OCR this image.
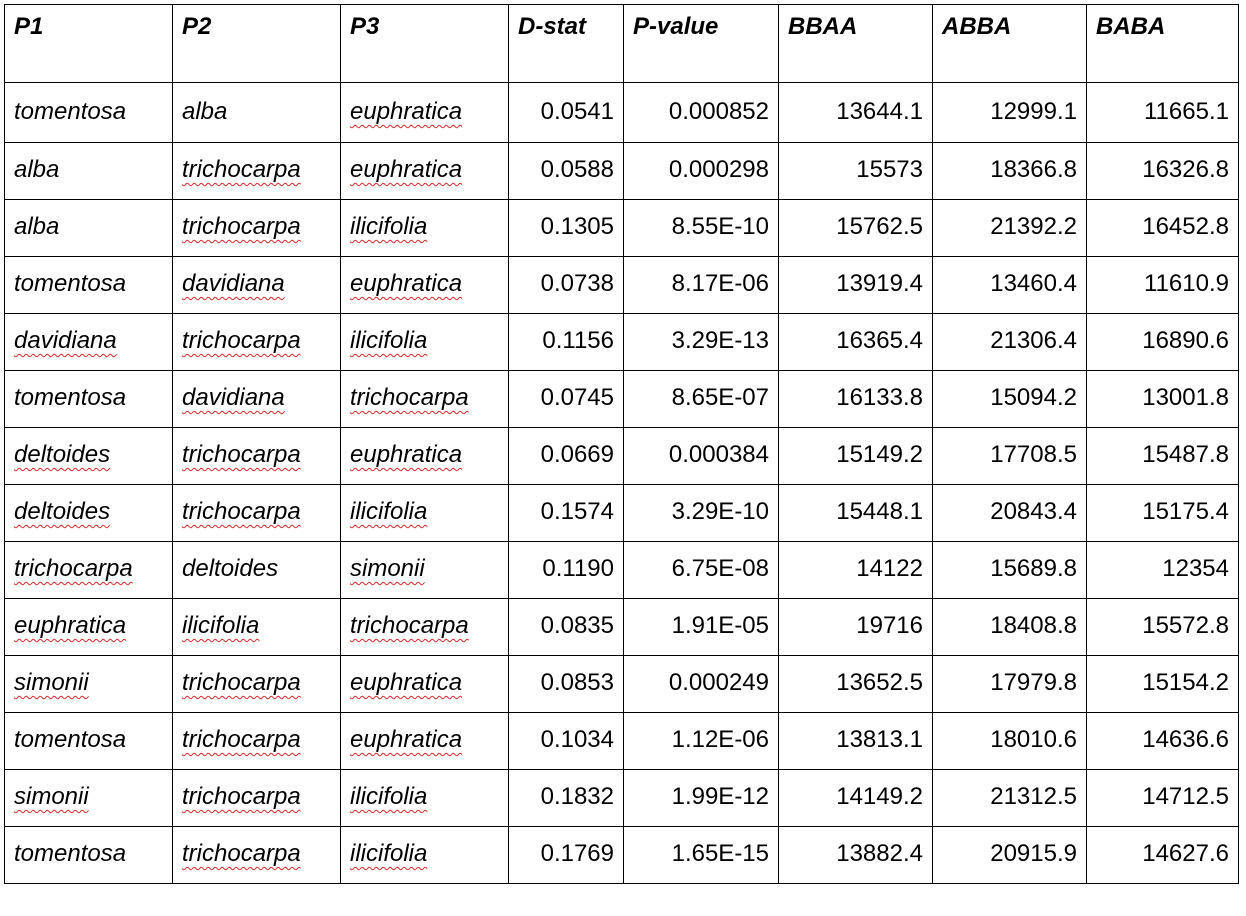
P1	P2	P3	D-stat	P-value	BBAA	ABBA	BABA
tomentosa	alba	euphratica	0.0541	0.000852	13644.1	12999.1	11665.1
alba	trichocarpa	euphratica	0.0588	0.000298	15573	18366.8	16326.8
alba	trichocarpa	ilicifolia	0.1305	8.55E-10	15762.5	21392.2	16452.8
tomentosa	davidiana	euphratica	0.0738	8.17E-06	13919.4	13460.4	11610.9
davidiana	trichocarpa	ilicifolia	0.1156	3.29E-13	16365.4	21306.4	16890.6
tomentosa	davidiana	trichocarpa	0.0745	8.65E-07	16133.8	15094.2	13001.8
deltoides	trichocarpa	euphratica	0.0669	0.000384	15149.2	17708.5	15487.8
deltoides	trichocarpa	ilicifolia	0.1574	3.29E-10	15448.1	20843.4	15175.4
trichocarpa	deltoides	simonii	0.1190	6.75E-08	14122	15689.8	12354
euphratica	ilicifolia	trichocarpa	0.0835	1.91E-05	19716	18408.8	15572.8
simonii	trichocarpa	euphratica	0.0853	0.000249	13652.5	17979.8	15154.2
tomentosa	trichocarpa	euphratica	0.1034	1.12E-06	13813.1	18010.6	14636.6
simonii	trichocarpa	ilicifolia	0.1832	1.99E-12	14149.2	21312.5	14712.5
tomentosa	trichocarpa	ilicifolia	0.1769	1.65E-15	13882.4	20915.9	14627.6
